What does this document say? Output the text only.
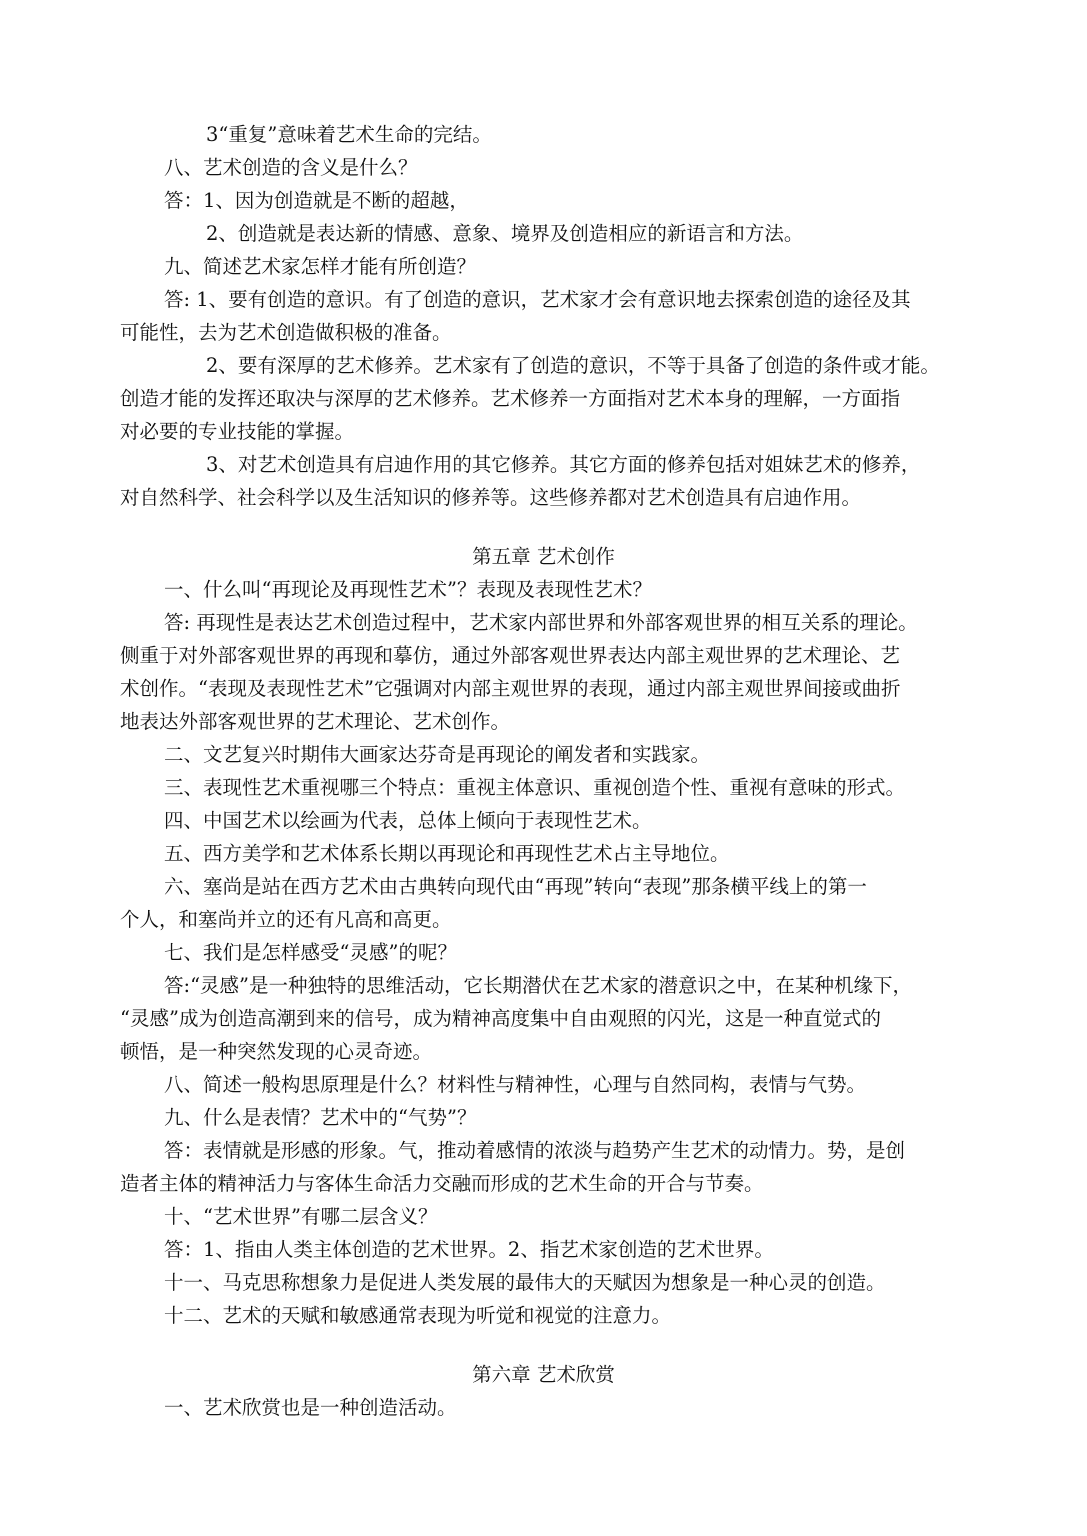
3“重复”意味着艺术生命的完结。
八、艺术创造的含义是什么？
答：1、因为创造就是不断的超越，
2、创造就是表达新的情感、意象、境界及创造相应的新语言和方法。
九、简述艺术家怎样才能有所创造？
答: 1、要有创造的意识。有了创造的意识，艺术家才会有意识地去探索创造的途径及其
可能性，去为艺术创造做积极的准备。
2、要有深厚的艺术修养。艺术家有了创造的意识，不等于具备了创造的条件或才能。
创造才能的发挥还取决与深厚的艺术修养。艺术修养一方面指对艺术本身的理解，一方面指
对必要的专业技能的掌握。
3、对艺术创造具有启迪作用的其它修养。其它方面的修养包括对姐妹艺术的修养，
对自然科学、社会科学以及生活知识的修养等。这些修养都对艺术创造具有启迪作用。
第五章 艺术创作
一、什么叫“再现论及再现性艺术”？表现及表现性艺术？
答: 再现性是表达艺术创造过程中，艺术家内部世界和外部客观世界的相互关系的理论。
侧重于对外部客观世界的再现和摹仿，通过外部客观世界表达内部主观世界的艺术理论、艺
术创作。“表现及表现性艺术”它强调对内部主观世界的表现，通过内部主观世界间接或曲折
地表达外部客观世界的艺术理论、艺术创作。
二、文艺复兴时期伟大画家达芬奇是再现论的阐发者和实践家。
三、表现性艺术重视哪三个特点：重视主体意识、重视创造个性、重视有意味的形式。
四、中国艺术以绘画为代表，总体上倾向于表现性艺术。
五、西方美学和艺术体系长期以再现论和再现性艺术占主导地位。
六、塞尚是站在西方艺术由古典转向现代由“再现”转向“表现”那条横平线上的第一
个人，和塞尚并立的还有凡高和高更。
七、我们是怎样感受“灵感”的呢？
答:“灵感”是一种独特的思维活动，它长期潜伏在艺术家的潜意识之中，在某种机缘下，
“灵感”成为创造高潮到来的信号，成为精神高度集中自由观照的闪光，这是一种直觉式的
顿悟，是一种突然发现的心灵奇迹。
八、简述一般构思原理是什么？材料性与精神性，心理与自然同构，表情与气势。
九、什么是表情？艺术中的“气势”？
答：表情就是形感的形象。气，推动着感情的浓淡与趋势产生艺术的动情力。势，是创
造者主体的精神活力与客体生命活力交融而形成的艺术生命的开合与节奏。
十、“艺术世界”有哪二层含义？
答：1、指由人类主体创造的艺术世界。2、指艺术家创造的艺术世界。
十一、马克思称想象力是促进人类发展的最伟大的天赋因为想象是一种心灵的创造。
十二、艺术的天赋和敏感通常表现为听觉和视觉的注意力。
第六章 艺术欣赏
一、艺术欣赏也是一种创造活动。
